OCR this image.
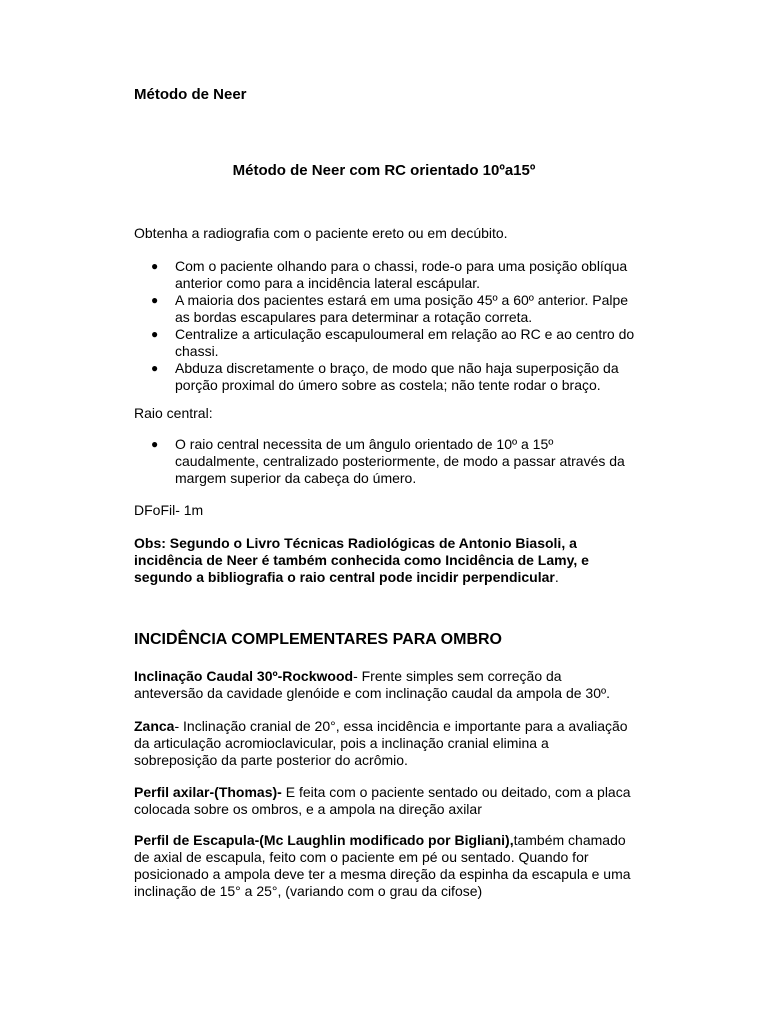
Método de Neer
Método de Neer com RC orientado 10ºa15º
Obtenha a radiografia com o paciente ereto ou em decúbito.
● Com o paciente olhando para o chassi, rode-o para uma posição oblíqua anterior como para a incidência lateral escápular.
● A maioria dos pacientes estará em uma posição 45º a 60º anterior. Palpe as bordas escapulares para determinar a rotação correta.
● Centralize a articulação escapuloumeral em relação ao RC e ao centro do chassi.
● Abduza discretamente o braço, de modo que não haja superposição da porção proximal do úmero sobre as costela; não tente rodar o braço.
Raio central:
● O raio central necessita de um ângulo orientado de 10º a 15º caudalmente, centralizado posteriormente, de modo a passar através da margem superior da cabeça do úmero.
DFoFil- 1m
Obs: Segundo o Livro Técnicas Radiológicas de Antonio Biasoli, a incidência de Neer é também conhecida como Incidência de Lamy, e segundo a bibliografia o raio central pode incidir perpendicular.
INCIDÊNCIA COMPLEMENTARES PARA OMBRO
Inclinação Caudal 30º-Rockwood- Frente simples sem correção da anteversão da cavidade glenóide e com inclinação caudal da ampola de 30º.
Zanca- Inclinação cranial de 20°, essa incidência e importante para a avaliação da articulação acromioclavicular, pois a inclinação cranial elimina a sobreposição da parte posterior do acrômio.
Perfil axilar-(Thomas)- E feita com o paciente sentado ou deitado, com a placa colocada sobre os ombros, e a ampola na direção axilar
Perfil de Escapula-(Mc Laughlin modificado por Bigliani),também chamado de axial de escapula, feito com o paciente em pé ou sentado. Quando for posicionado a ampola deve ter a mesma direção da espinha da escapula e uma inclinação de 15° a 25°, (variando com o grau da cifose)
